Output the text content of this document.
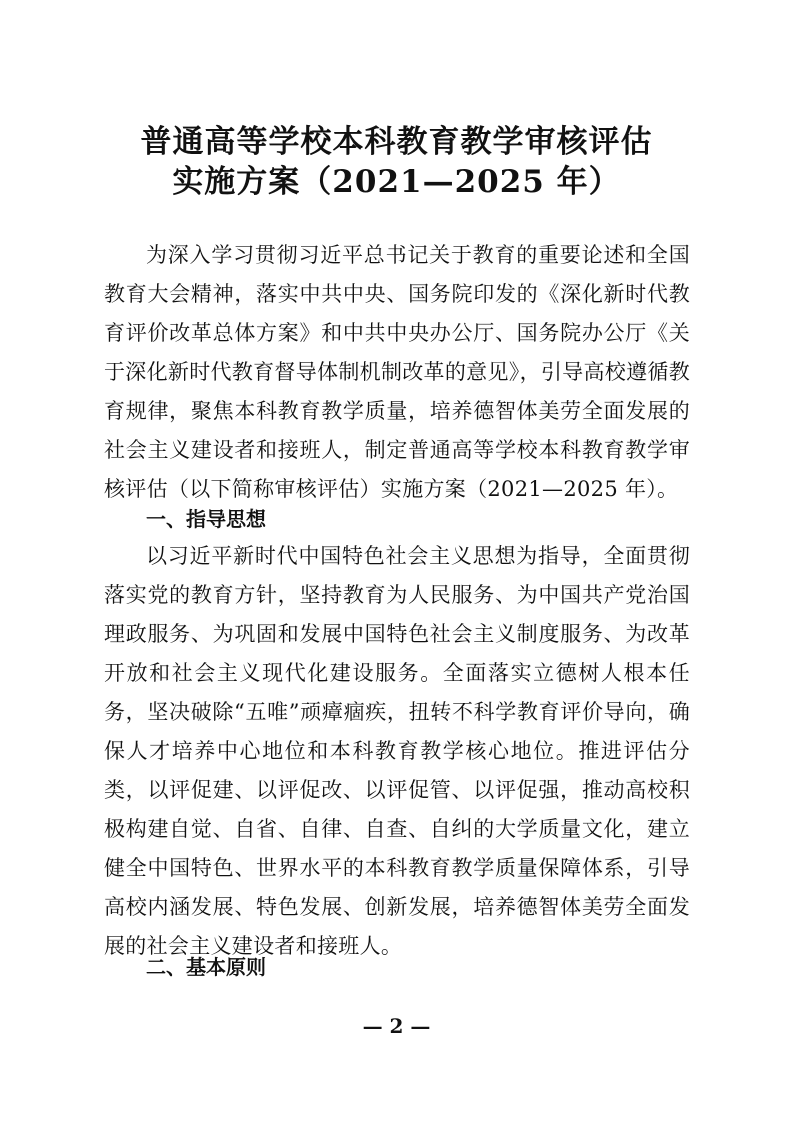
普通高等学校本科教育教学审核评估
实施方案（2021—2025 年）

为深入学习贯彻习近平总书记关于教育的重要论述和全国教育大会精神，落实中共中央、国务院印发的《深化新时代教育评价改革总体方案》和中共中央办公厅、国务院办公厅《关于深化新时代教育督导体制机制改革的意见》，引导高校遵循教育规律，聚焦本科教育教学质量，培养德智体美劳全面发展的社会主义建设者和接班人，制定普通高等学校本科教育教学审核评估（以下简称审核评估）实施方案（2021—2025 年）。

一、指导思想

以习近平新时代中国特色社会主义思想为指导，全面贯彻落实党的教育方针，坚持教育为人民服务、为中国共产党治国理政服务、为巩固和发展中国特色社会主义制度服务、为改革开放和社会主义现代化建设服务。全面落实立德树人根本任务，坚决破除“五唯”顽瘴痼疾，扭转不科学教育评价导向，确保人才培养中心地位和本科教育教学核心地位。推进评估分类，以评促建、以评促改、以评促管、以评促强，推动高校积极构建自觉、自省、自律、自查、自纠的大学质量文化，建立健全中国特色、世界水平的本科教育教学质量保障体系，引导高校内涵发展、特色发展、创新发展，培养德智体美劳全面发展的社会主义建设者和接班人。

二、基本原则
— 2 —
